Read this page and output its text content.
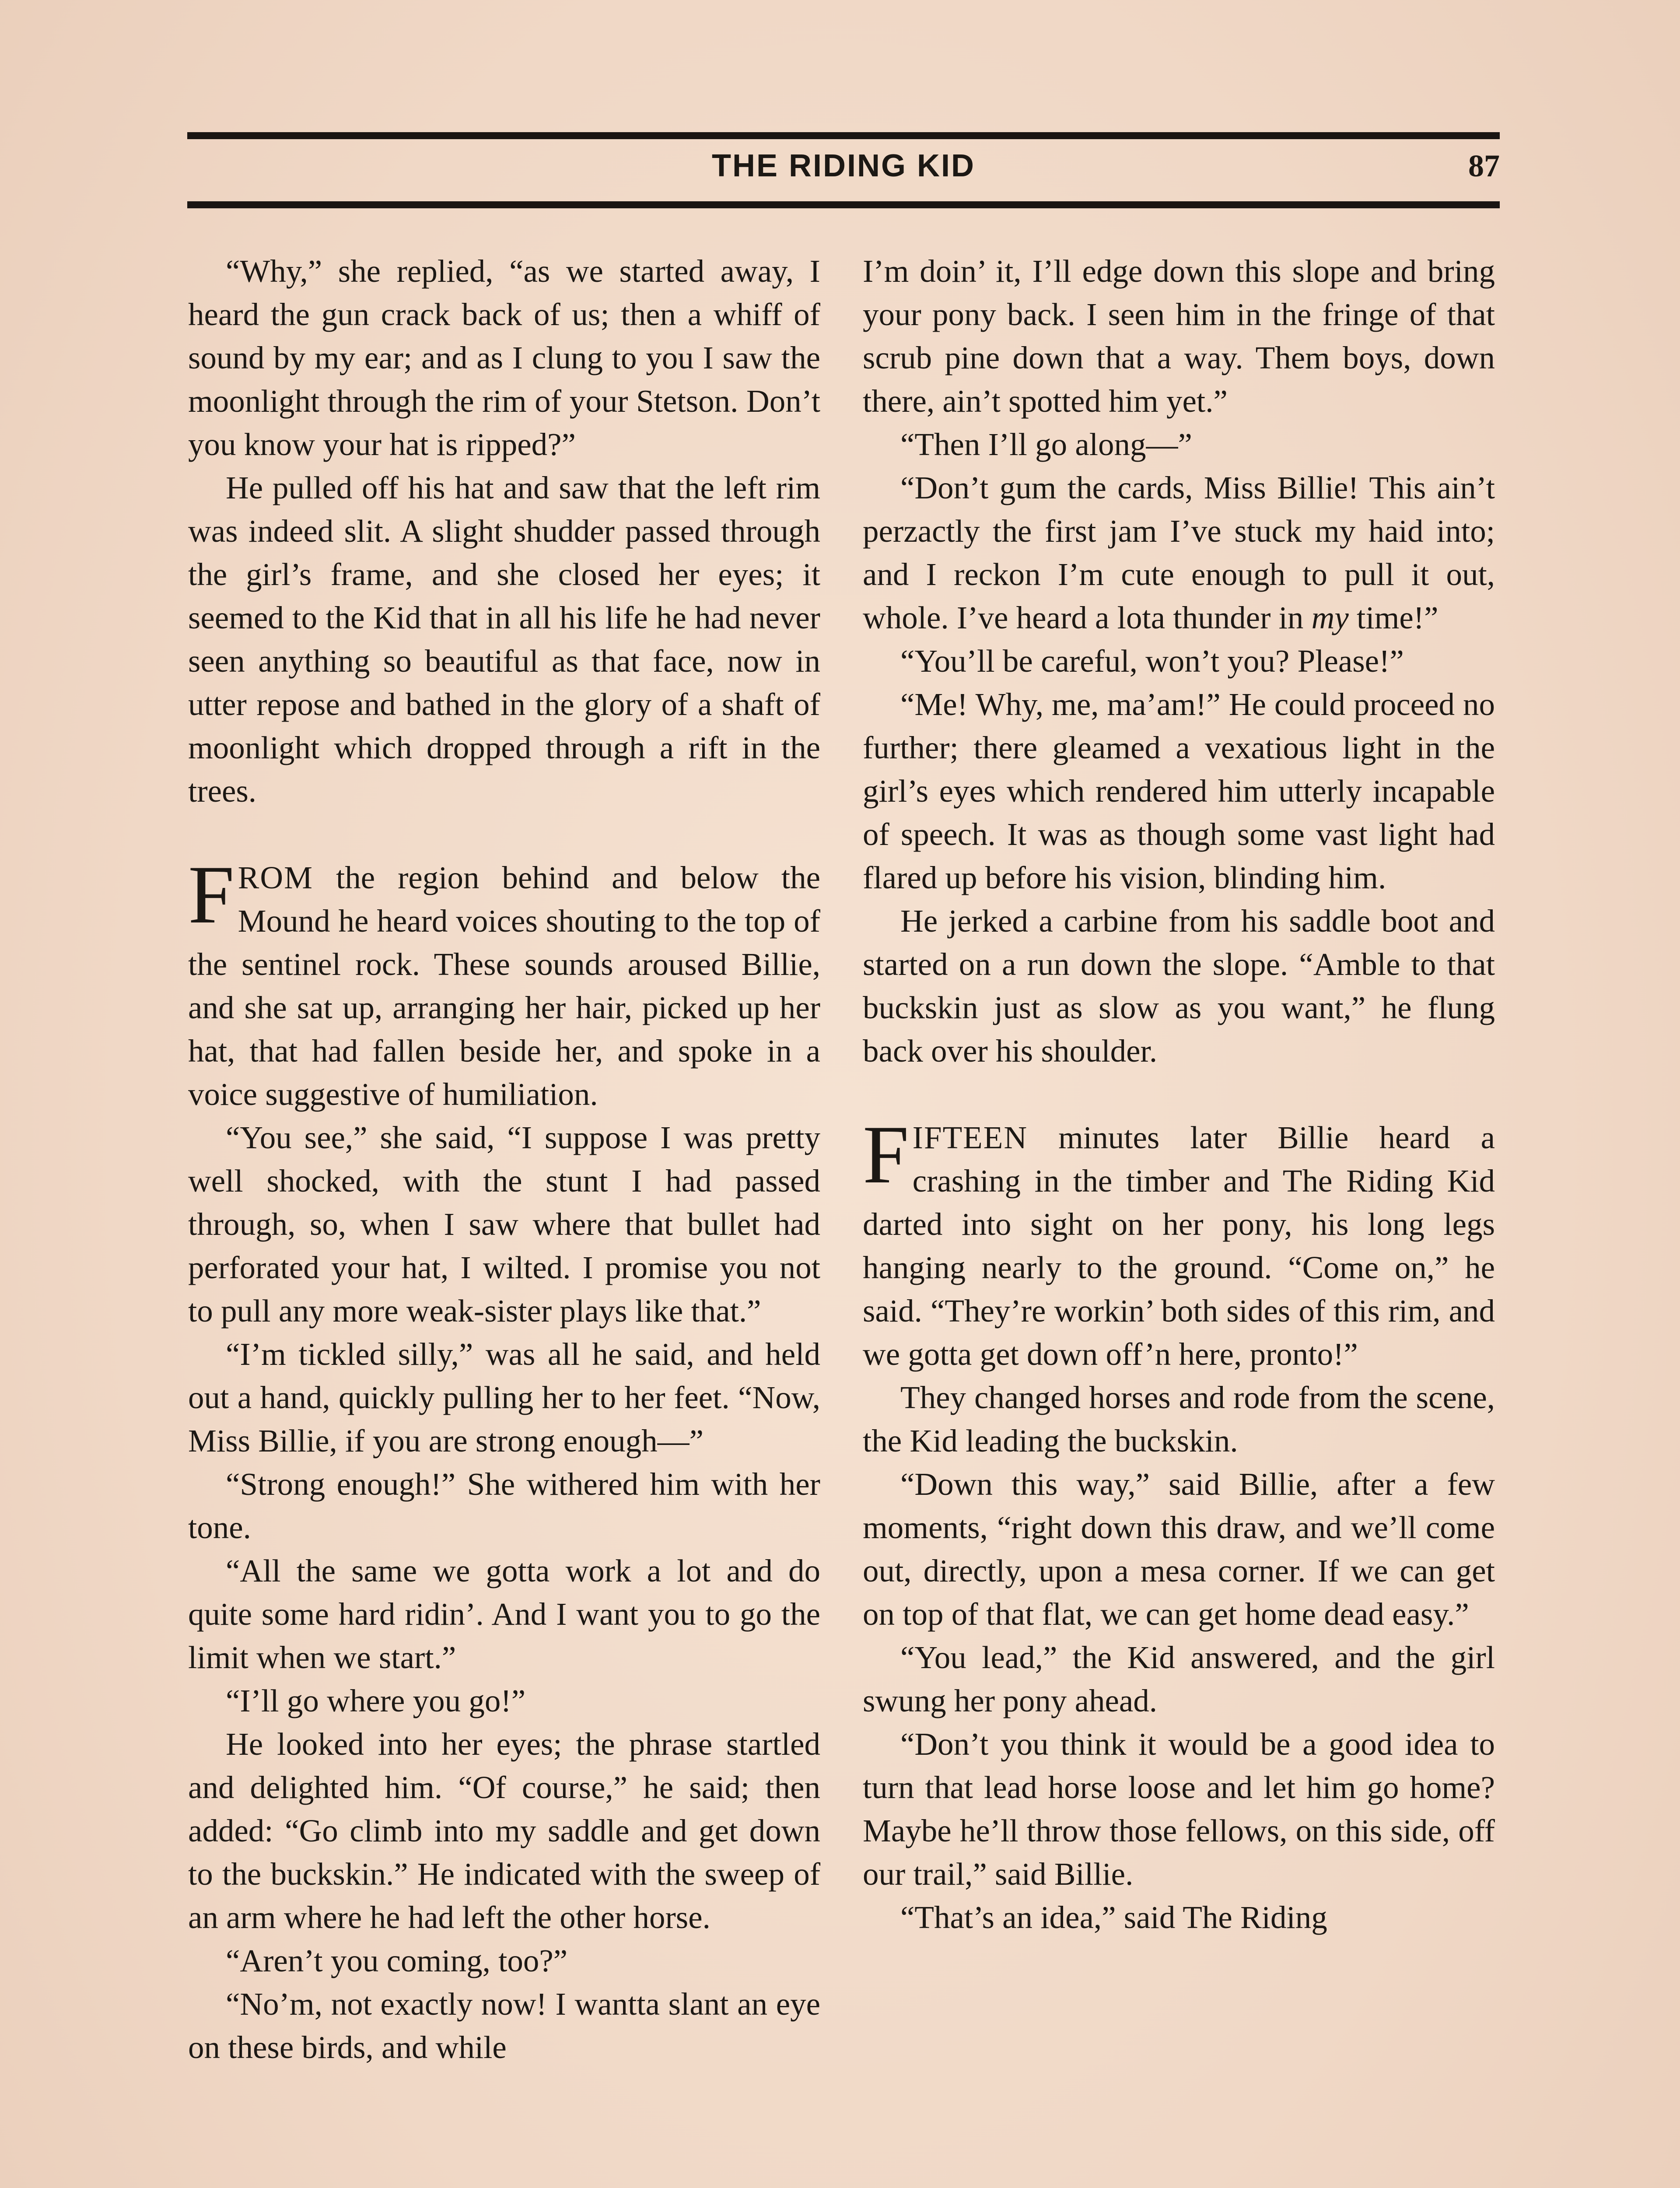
THE RIDING KID	87

“Why,” she replied, “as we started away, I heard the gun crack back of us; then a whiff of sound by my ear; and as I clung to you I saw the moonlight through the rim of your Stetson. Don’t you know your hat is ripped?”

He pulled off his hat and saw that the left rim was indeed slit. A slight shudder passed through the girl’s frame, and she closed her eyes; it seemed to the Kid that in all his life he had never seen anything so beautiful as that face, now in utter repose and bathed in the glory of a shaft of moonlight which dropped through a rift in the trees.

FROM the region behind and below the Mound he heard voices shouting to the top of the sentinel rock. These sounds aroused Billie, and she sat up, arranging her hair, picked up her hat, that had fallen beside her, and spoke in a voice suggestive of humiliation.

“You see,” she said, “I suppose I was pretty well shocked, with the stunt I had passed through, so, when I saw where that bullet had perforated your hat, I wilted. I promise you not to pull any more weak-sister plays like that.”

“I’m tickled silly,” was all he said, and held out a hand, quickly pulling her to her feet. “Now, Miss Billie, if you are strong enough—”

“Strong enough!” She withered him with her tone.

“All the same we gotta work a lot and do quite some hard ridin’. And I want you to go the limit when we start.”

“I’ll go where you go!”

He looked into her eyes; the phrase startled and delighted him. “Of course,” he said; then added: “Go climb into my saddle and get down to the buckskin.” He indicated with the sweep of an arm where he had left the other horse.

“Aren’t you coming, too?”

“No’m, not exactly now! I wantta slant an eye on these birds, and while

I’m doin’ it, I’ll edge down this slope and bring your pony back. I seen him in the fringe of that scrub pine down that a way. Them boys, down there, ain’t spotted him yet.”

“Then I’ll go along—”

“Don’t gum the cards, Miss Billie! This ain’t perzactly the first jam I’ve stuck my haid into; and I reckon I’m cute enough to pull it out, whole. I’ve heard a lota thunder in my time!”

“You’ll be careful, won’t you? Please!”

“Me! Why, me, ma’am!” He could proceed no further; there gleamed a vexatious light in the girl’s eyes which rendered him utterly incapable of speech. It was as though some vast light had flared up before his vision, blinding him.

He jerked a carbine from his saddle boot and started on a run down the slope. “Amble to that buckskin just as slow as you want,” he flung back over his shoulder.

FIFTEEN minutes later Billie heard a crashing in the timber and The Riding Kid darted into sight on her pony, his long legs hanging nearly to the ground. “Come on,” he said. “They’re workin’ both sides of this rim, and we gotta get down off’n here, pronto!”

They changed horses and rode from the scene, the Kid leading the buckskin.

“Down this way,” said Billie, after a few moments, “right down this draw, and we’ll come out, directly, upon a mesa corner. If we can get on top of that flat, we can get home dead easy.”

“You lead,” the Kid answered, and the girl swung her pony ahead.

“Don’t you think it would be a good idea to turn that lead horse loose and let him go home? Maybe he’ll throw those fellows, on this side, off our trail,” said Billie.

“That’s an idea,” said The Riding
